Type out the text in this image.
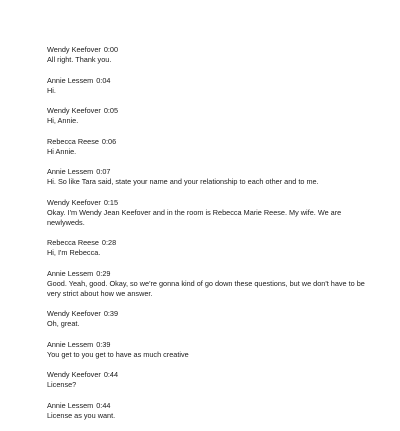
Wendy Keefover 0:00
All right. Thank you.
Annie Lessem 0:04
Hi.
Wendy Keefover 0:05
Hi, Annie.
Rebecca Reese 0:06
Hi Annie.
Annie Lessem 0:07
Hi. So like Tara said, state your name and your relationship to each other and to me.
Wendy Keefover 0:15
Okay. I'm Wendy Jean Keefover and in the room is Rebecca Marie Reese. My wife. We are newlyweds.
Rebecca Reese 0:28
Hi, I'm Rebecca.
Annie Lessem 0:29
Good. Yeah, good. Okay, so we're gonna kind of go down these questions, but we don't have to be very strict about how we answer.
Wendy Keefover 0:39
Oh, great.
Annie Lessem 0:39
You get to you get to have as much creative
Wendy Keefover 0:44
License?
Annie Lessem 0:44
License as you want.
